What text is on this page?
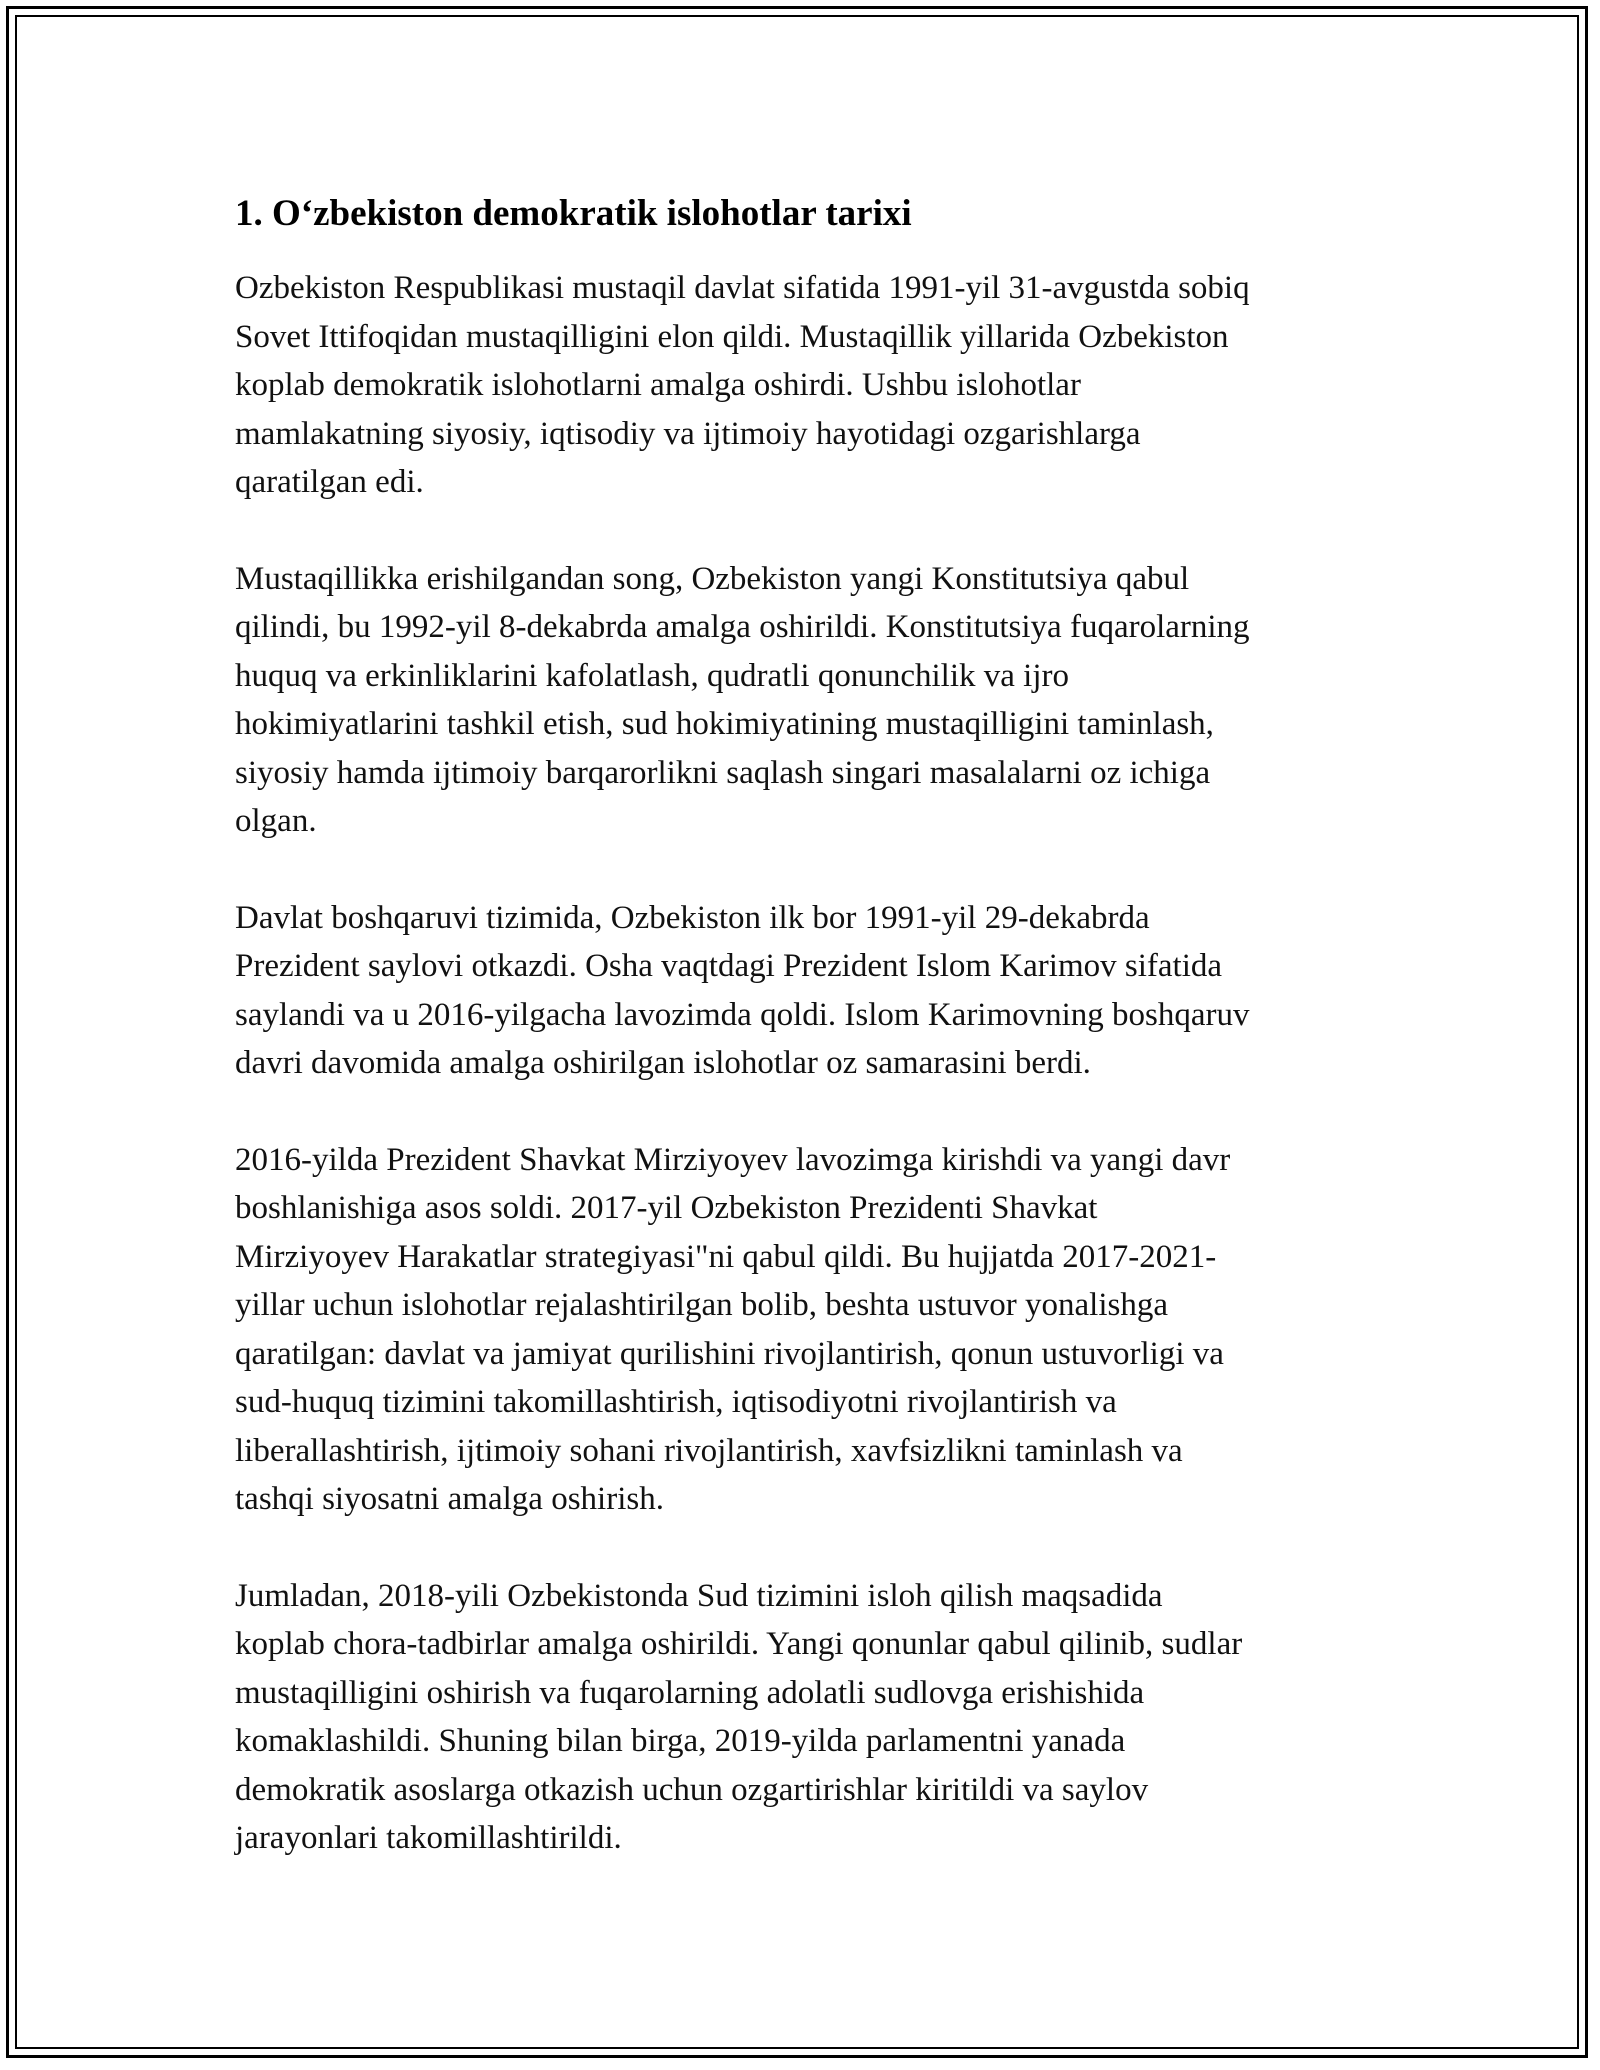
1. O‘zbekiston demokratik islohotlar tarixi

Ozbekiston Respublikasi mustaqil davlat sifatida 1991-yil 31-avgustda sobiq
Sovet Ittifoqidan mustaqilligini elon qildi. Mustaqillik yillarida Ozbekiston
koplab demokratik islohotlarni amalga oshirdi. Ushbu islohotlar
mamlakatning siyosiy, iqtisodiy va ijtimoiy hayotidagi ozgarishlarga
qaratilgan edi.

Mustaqillikka erishilgandan song, Ozbekiston yangi Konstitutsiya qabul
qilindi, bu 1992-yil 8-dekabrda amalga oshirildi. Konstitutsiya fuqarolarning
huquq va erkinliklarini kafolatlash, qudratli qonunchilik va ijro
hokimiyatlarini tashkil etish, sud hokimiyatining mustaqilligini taminlash,
siyosiy hamda ijtimoiy barqarorlikni saqlash singari masalalarni oz ichiga
olgan.

Davlat boshqaruvi tizimida, Ozbekiston ilk bor 1991-yil 29-dekabrda
Prezident saylovi otkazdi. Osha vaqtdagi Prezident Islom Karimov sifatida
saylandi va u 2016-yilgacha lavozimda qoldi. Islom Karimovning boshqaruv
davri davomida amalga oshirilgan islohotlar oz samarasini berdi.

2016-yilda Prezident Shavkat Mirziyoyev lavozimga kirishdi va yangi davr
boshlanishiga asos soldi. 2017-yil Ozbekiston Prezidenti Shavkat
Mirziyoyev Harakatlar strategiyasi"ni qabul qildi. Bu hujjatda 2017-2021-
yillar uchun islohotlar rejalashtirilgan bolib, beshta ustuvor yonalishga
qaratilgan: davlat va jamiyat qurilishini rivojlantirish, qonun ustuvorligi va
sud-huquq tizimini takomillashtirish, iqtisodiyotni rivojlantirish va
liberallashtirish, ijtimoiy sohani rivojlantirish, xavfsizlikni taminlash va
tashqi siyosatni amalga oshirish.

Jumladan, 2018-yili Ozbekistonda Sud tizimini isloh qilish maqsadida
koplab chora-tadbirlar amalga oshirildi. Yangi qonunlar qabul qilinib, sudlar
mustaqilligini oshirish va fuqarolarning adolatli sudlovga erishishida
komaklashildi. Shuning bilan birga, 2019-yilda parlamentni yanada
demokratik asoslarga otkazish uchun ozgartirishlar kiritildi va saylov
jarayonlari takomillashtirildi.
